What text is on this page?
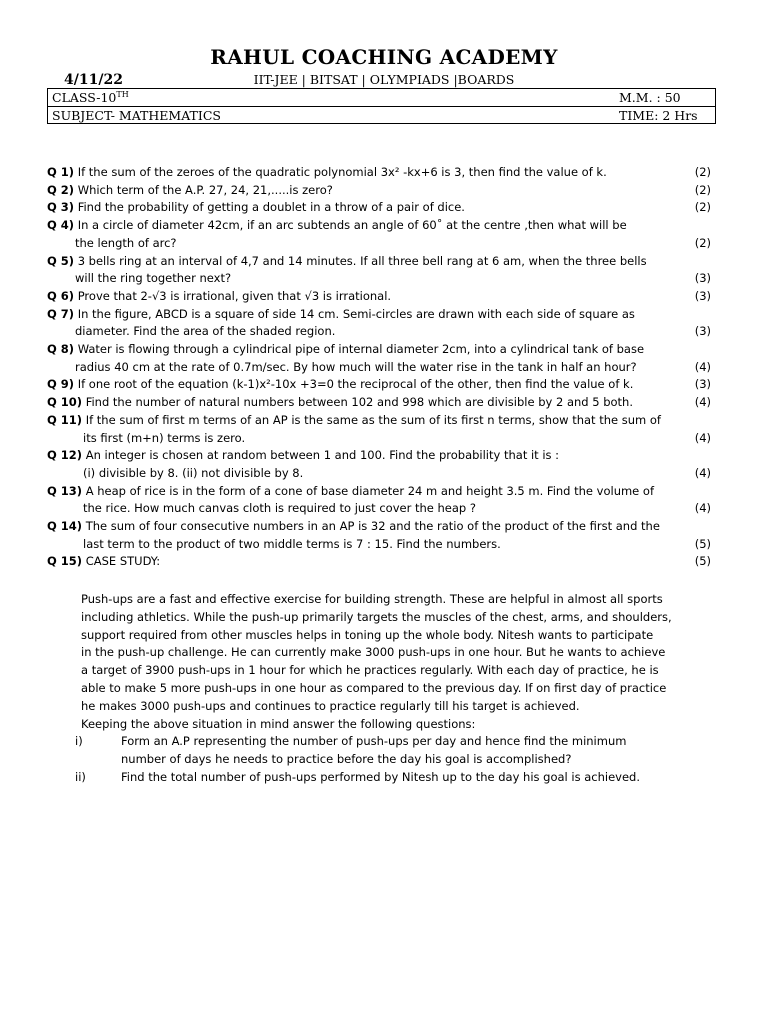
RAHUL COACHING ACADEMY
4/11/22	IIT-JEE | BITSAT | OLYMPIADS |BOARDS
CLASS-10TH	M.M. : 50
SUBJECT- MATHEMATICS	TIME: 2 Hrs
Q 1) If the sum of the zeroes of the quadratic polynomial 3x² -kx+6 is 3, then find the value of k.	(2)
Q 2) Which term of the A.P. 27, 24, 21,.....is zero?	(2)
Q 3) Find the probability of getting a doublet in a throw of a pair of dice.	(2)
Q 4) In a circle of diameter 42cm, if an arc subtends an angle of 60˚ at the centre ,then what will be
the length of arc?	(2)
Q 5) 3 bells ring at an interval of 4,7 and 14 minutes. If all three bell rang at 6 am, when the three bells
will the ring together next?	(3)
Q 6) Prove that 2-√3 is irrational, given that √3 is irrational.	(3)
Q 7) In the figure, ABCD is a square of side 14 cm. Semi-circles are drawn with each side of square as
diameter. Find the area of the shaded region.	(3)
Q 8) Water is flowing through a cylindrical pipe of internal diameter 2cm, into a cylindrical tank of base
radius 40 cm at the rate of 0.7m/sec. By how much will the water rise in the tank in half an hour?	(4)
Q 9) If one root of the equation (k-1)x²-10x +3=0 the reciprocal of the other, then find the value of k.	(3)
Q 10) Find the number of natural numbers between 102 and 998 which are divisible by 2 and 5 both.	(4)
Q 11) If the sum of first m terms of an AP is the same as the sum of its first n terms, show that the sum of
its first (m+n) terms is zero.	(4)
Q 12) An integer is chosen at random between 1 and 100. Find the probability that it is :
(i) divisible by 8. (ii) not divisible by 8.	(4)
Q 13) A heap of rice is in the form of a cone of base diameter 24 m and height 3.5 m. Find the volume of
the rice. How much canvas cloth is required to just cover the heap ?	(4)
Q 14) The sum of four consecutive numbers in an AP is 32 and the ratio of the product of the first and the
last term to the product of two middle terms is 7 : 15. Find the numbers.	(5)
Q 15) CASE STUDY:	(5)
Push-ups are a fast and effective exercise for building strength. These are helpful in almost all sports
including athletics. While the push-up primarily targets the muscles of the chest, arms, and shoulders,
support required from other muscles helps in toning up the whole body. Nitesh wants to participate
in the push-up challenge. He can currently make 3000 push-ups in one hour. But he wants to achieve
a target of 3900 push-ups in 1 hour for which he practices regularly. With each day of practice, he is
able to make 5 more push-ups in one hour as compared to the previous day. If on first day of practice
he makes 3000 push-ups and continues to practice regularly till his target is achieved.
Keeping the above situation in mind answer the following questions:
i)	Form an A.P representing the number of push-ups per day and hence find the minimum
number of days he needs to practice before the day his goal is accomplished?
ii)	Find the total number of push-ups performed by Nitesh up to the day his goal is achieved.
